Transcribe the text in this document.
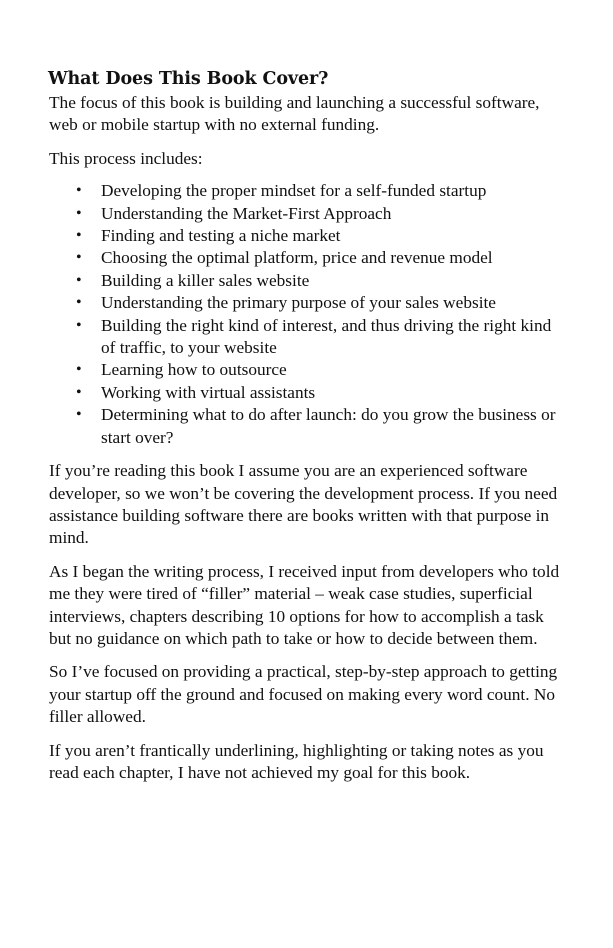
What Does This Book Cover?

The focus of this book is building and launching a successful software, web or mobile startup with no external funding.

This process includes:

• Developing the proper mindset for a self-funded startup
• Understanding the Market-First Approach
• Finding and testing a niche market
• Choosing the optimal platform, price and revenue model
• Building a killer sales website
• Understanding the primary purpose of your sales website
• Building the right kind of interest, and thus driving the right kind of traffic, to your website
• Learning how to outsource
• Working with virtual assistants
• Determining what to do after launch: do you grow the business or start over?

If you’re reading this book I assume you are an experienced software developer, so we won’t be covering the development process. If you need assistance building software there are books written with that purpose in mind.

As I began the writing process, I received input from developers who told me they were tired of “filler” material – weak case studies, superficial interviews, chapters describing 10 options for how to accomplish a task but no guidance on which path to take or how to decide between them.

So I’ve focused on providing a practical, step-by-step approach to getting your startup off the ground and focused on making every word count. No filler allowed.

If you aren’t frantically underlining, highlighting or taking notes as you read each chapter, I have not achieved my goal for this book.
